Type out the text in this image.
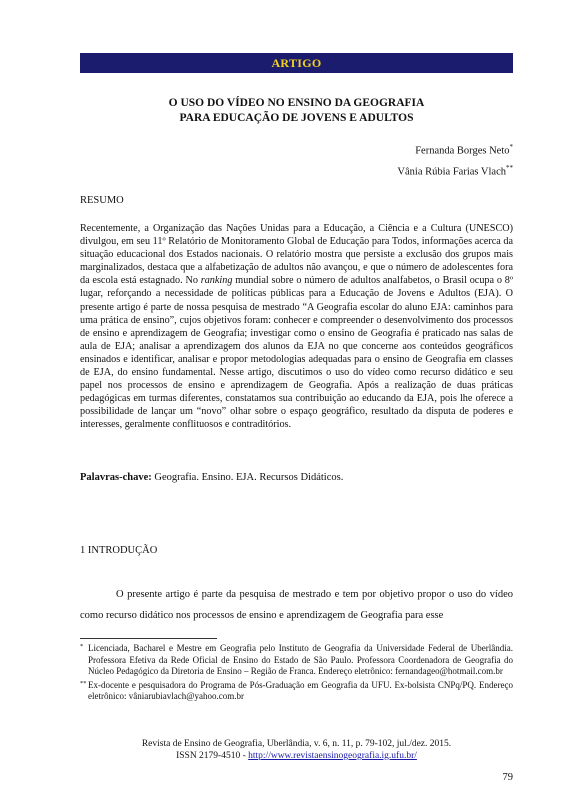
ARTIGO
O USO DO VÍDEO NO ENSINO DA GEOGRAFIA
PARA EDUCAÇÃO DE JOVENS E ADULTOS
Fernanda Borges Neto*
Vânia Rúbia Farias Vlach**
RESUMO

Recentemente, a Organização das Nações Unidas para a Educação, a Ciência e a Cultura (UNESCO) divulgou, em seu 11º Relatório de Monitoramento Global de Educação para Todos, informações acerca da situação educacional dos Estados nacionais. O relatório mostra que persiste a exclusão dos grupos mais marginalizados, destaca que a alfabetização de adultos não avançou, e que o número de adolescentes fora da escola está estagnado. No ranking mundial sobre o número de adultos analfabetos, o Brasil ocupa o 8º lugar, reforçando a necessidade de políticas públicas para a Educação de Jovens e Adultos (EJA). O presente artigo é parte de nossa pesquisa de mestrado “A Geografia escolar do aluno EJA: caminhos para uma prática de ensino”, cujos objetivos foram: conhecer e compreender o desenvolvimento dos processos de ensino e aprendizagem de Geografia; investigar como o ensino de Geografia é praticado nas salas de aula de EJA; analisar a aprendizagem dos alunos da EJA no que concerne aos conteúdos geográficos ensinados e identificar, analisar e propor metodologias adequadas para o ensino de Geografia em classes de EJA, do ensino fundamental. Nesse artigo, discutimos o uso do vídeo como recurso didático e seu papel nos processos de ensino e aprendizagem de Geografia. Após a realização de duas práticas pedagógicas em turmas diferentes, constatamos sua contribuição ao educando da EJA, pois lhe oferece a possibilidade de lançar um “novo” olhar sobre o espaço geográfico, resultado da disputa de poderes e interesses, geralmente conflituosos e contraditórios.

Palavras-chave: Geografia. Ensino. EJA. Recursos Didáticos.
1 INTRODUÇÃO

O presente artigo é parte da pesquisa de mestrado e tem por objetivo propor o uso do vídeo como recurso didático nos processos de ensino e aprendizagem de Geografia para esse

* Licenciada, Bacharel e Mestre em Geografia pelo Instituto de Geografia da Universidade Federal de Uberlândia. Professora Efetiva da Rede Oficial de Ensino do Estado de São Paulo. Professora Coordenadora de Geografia do Núcleo Pedagógico da Diretoria de Ensino – Região de Franca. Endereço eletrônico: fernandageo@hotmail.com.br
** Ex-docente e pesquisadora do Programa de Pós-Graduação em Geografia da UFU. Ex-bolsista CNPq/PQ. Endereço eletrônico: vâniarubiavlach@yahoo.com.br
Revista de Ensino de Geografia, Uberlândia, v. 6, n. 11, p. 79-102, jul./dez. 2015.
ISSN 2179-4510 - http://www.revistaensinogeografia.ig.ufu.br/
79
